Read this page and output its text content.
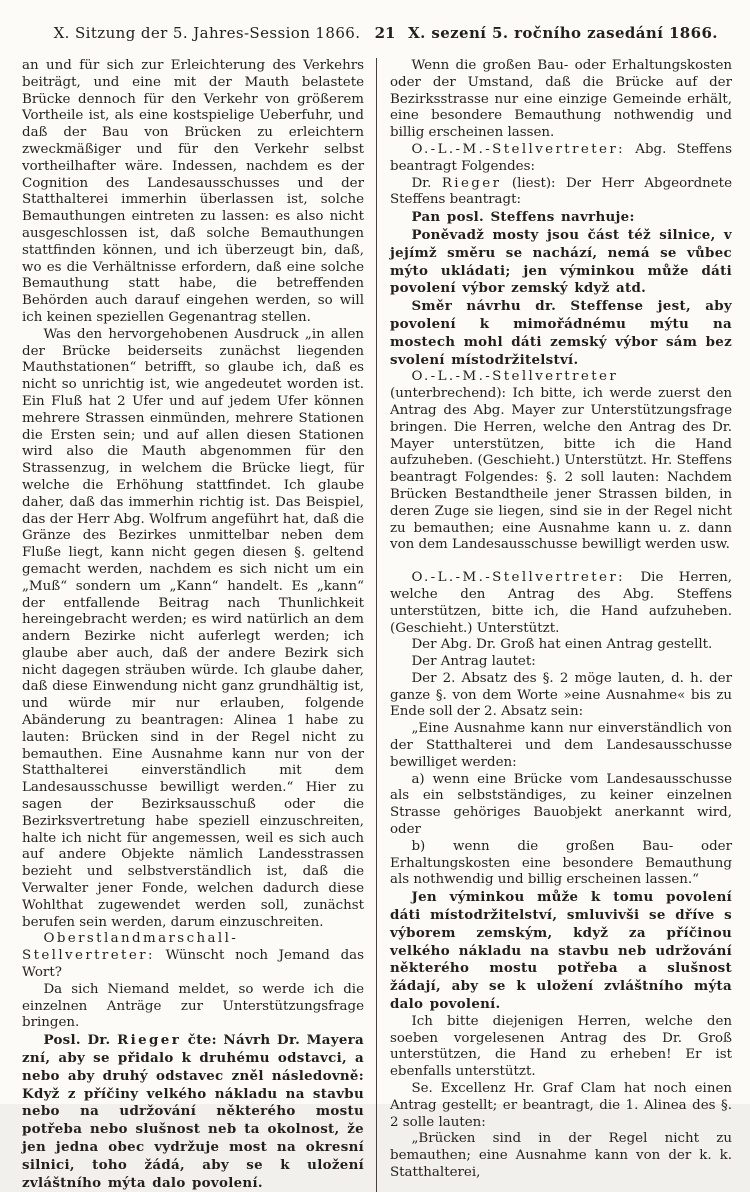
X. Sitzung der 5. Jahres-Session 1866. 21 X. sezení 5. ročního zasedání 1866.

an und für sich zur Erleichterung des Verkehrs beiträgt, und eine mit der Mauth belastete Brücke dennoch für den Verkehr von größerem Vortheile ist, als eine kostspielige Ueberfuhr, und daß der Bau von Brücken zu erleichtern zweckmäßiger und für den Verkehr selbst vortheilhafter wäre. Indessen, nachdem es der Cognition des Landesausschusses und der Statthalterei immerhin überlassen ist, solche Bemauthungen eintreten zu lassen: es also nicht ausgeschlossen ist, daß solche Bemauthungen stattfinden können, und ich überzeugt bin, daß, wo es die Verhältnisse erfordern, daß eine solche Bemauthung statt habe, die betreffenden Behörden auch darauf eingehen werden, so will ich keinen speziellen Gegenantrag stellen.

Was den hervorgehobenen Ausdruck „in allen der Brücke beiderseits zunächst liegenden Mauthstationen“ betrifft, so glaube ich, daß es nicht so unrichtig ist, wie angedeutet worden ist. Ein Fluß hat 2 Ufer und auf jedem Ufer können mehrere Strassen einmünden, mehrere Stationen die Ersten sein; und auf allen diesen Stationen wird also die Mauth abgenommen für den Strassenzug, in welchem die Brücke liegt, für welche die Erhöhung stattfindet. Ich glaube daher, daß das immerhin richtig ist. Das Beispiel, das der Herr Abg. Wolfrum angeführt hat, daß die Gränze des Bezirkes unmittelbar neben dem Fluße liegt, kann nicht gegen diesen §. geltend gemacht werden, nachdem es sich nicht um ein „Muß“ sondern um „Kann“ handelt. Es „kann“ der entfallende Beitrag nach Thunlichkeit hereingebracht werden; es wird natürlich an dem andern Bezirke nicht auferlegt werden; ich glaube aber auch, daß der andere Bezirk sich nicht dagegen sträuben würde. Ich glaube daher, daß diese Einwendung nicht ganz grundhältig ist, und würde mir nur erlauben, folgende Abänderung zu beantragen: Alinea 1 habe zu lauten: Brücken sind in der Regel nicht zu bemauthen. Eine Ausnahme kann nur von der Statthalterei einverständlich mit dem Landesausschusse bewilligt werden.“ Hier zu sagen der Bezirksausschuß oder die Bezirksvertretung habe speziell einzuschreiten, halte ich nicht für angemessen, weil es sich auch auf andere Objekte nämlich Landesstrassen bezieht und selbstverständlich ist, daß die Verwalter jener Fonde, welchen dadurch diese Wohlthat zugewendet werden soll, zunächst berufen sein werden, darum einzuschreiten.

Oberstlandmarschall-Stellvertreter: Wünscht noch Jemand das Wort?

Da sich Niemand meldet, so werde ich die einzelnen Anträge zur Unterstützungsfrage bringen.

Posl. Dr. Rieger čte: Návrh Dr. Mayera zní, aby se přidalo k druhému odstavci, a nebo aby druhý odstavec zněl následovně: Když z příčiny velkého nákladu na stavbu nebo na udržování některého mostu potřeba nebo slušnost neb ta okolnost, že jen jedna obec vydržuje most na okresní silnici, toho žádá, aby se k uložení zvláštního mýta dalo povolení.

Wenn die großen Bau- oder Erhaltungskosten oder der Umstand, daß die Brücke auf der Bezirksstrasse nur eine einzige Gemeinde erhält, eine besondere Bemauthung nothwendig und billig erscheinen lassen.

O.-L.-M.-Stellvertreter: Abg. Steffens beantragt Folgendes:

Dr. Rieger (liest): Der Herr Abgeordnete Steffens beantragt:

Pan posl. Steffens navrhuje:

Poněvadž mosty jsou část též silnice, v jejímž směru se nachází, nemá se vůbec mýto ukládati; jen výminkou může dáti povolení výbor zemský když atd.

Směr návrhu dr. Steffense jest, aby povolení k mimořádnému mýtu na mostech mohl dáti zemský výbor sám bez svolení místodržitelství.

O.-L.-M.-Stellvertreter (unterbrechend): Ich bitte, ich werde zuerst den Antrag des Abg. Mayer zur Unterstützungsfrage bringen. Die Herren, welche den Antrag des Dr. Mayer unterstützen, bitte ich die Hand aufzuheben. (Geschieht.) Unterstützt. Hr. Steffens beantragt Folgendes: §. 2 soll lauten: Nachdem Brücken Bestandtheile jener Strassen bilden, in deren Zuge sie liegen, sind sie in der Regel nicht zu bemauthen; eine Ausnahme kann u. z. dann von dem Landesausschusse bewilligt werden usw.

O.-L.-M.-Stellvertreter: Die Herren, welche den Antrag des Abg. Steffens unterstützen, bitte ich, die Hand aufzuheben. (Geschieht.) Unterstützt.

Der Abg. Dr. Groß hat einen Antrag gestellt.

Der Antrag lautet:

Der 2. Absatz des §. 2 möge lauten, d. h. der ganze §. von dem Worte »eine Ausnahme« bis zu Ende soll der 2. Absatz sein:

„Eine Ausnahme kann nur einverständlich von der Statthalterei und dem Landesausschusse bewilliget werden:

a) wenn eine Brücke vom Landesausschusse als ein selbstständiges, zu keiner einzelnen Strasse gehöriges Bauobjekt anerkannt wird, oder

b) wenn die großen Bau- oder Erhaltungskosten eine besondere Bemauthung als nothwendig und billig erscheinen lassen.“

Jen výminkou může k tomu povolení dáti místodržitelství, smluvivši se dříve s výborem zemským, když za příčinou velkého nákladu na stavbu neb udržování některého mostu potřeba a slušnost žádají, aby se k uložení zvláštního mýta dalo povolení.

Ich bitte diejenigen Herren, welche den soeben vorgelesenen Antrag des Dr. Groß unterstützen, die Hand zu erheben! Er ist ebenfalls unterstützt.

Se. Excellenz Hr. Graf Clam hat noch einen Antrag gestellt; er beantragt, die 1. Alinea des §. 2 solle lauten:

„Brücken sind in der Regel nicht zu bemauthen; eine Ausnahme kann von der k. k. Statthalterei,
